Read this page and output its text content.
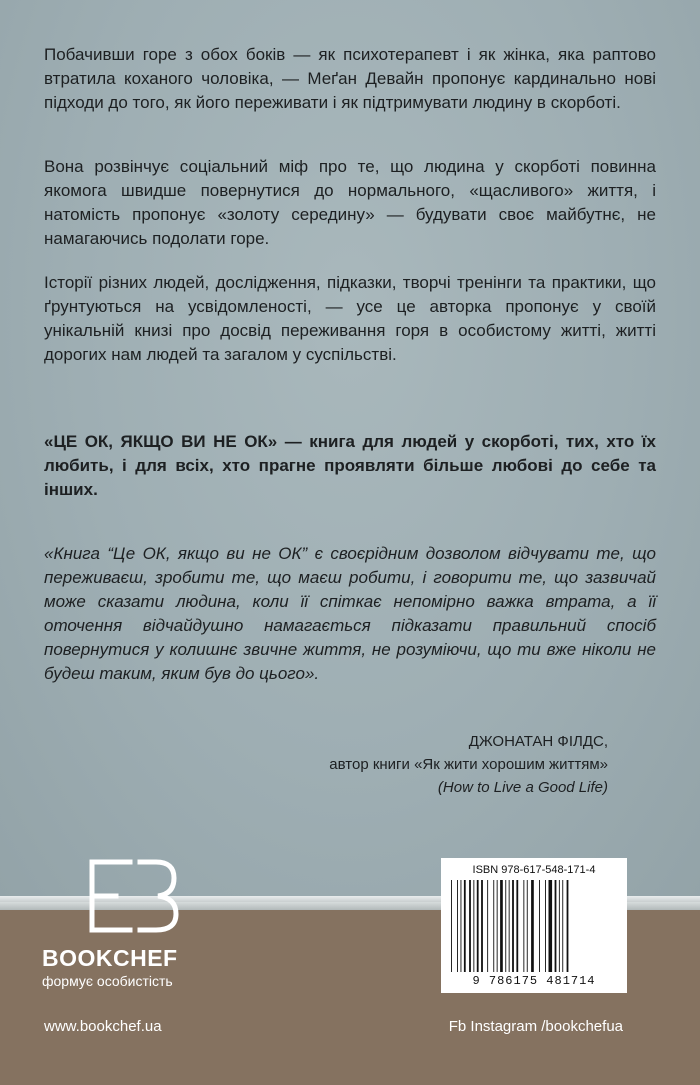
Побачивши горе з обох боків — як психотерапевт і як жінка, яка раптово втратила коханого чоловіка, — Меґан Девайн пропонує кардинально нові підходи до того, як його переживати і як підтримувати людину в скорботі.

Вона розвінчує соціальний міф про те, що людина у скорботі повинна якомога швидше повернутися до нормального, «щасливого» життя, і натомість пропонує «золоту середину» — будувати своє майбутнє, не намагаючись подолати горе.

Історії різних людей, дослідження, підказки, творчі тренінги та практики, що ґрунтуються на усвідомленості, — усе це авторка пропонує у своїй унікальній книзі про досвід переживання горя в особистому житті, житті дорогих нам людей та загалом у суспільстві.

«ЦЕ ОК, ЯКЩО ВИ НЕ ОК» — книга для людей у скорботі, тих, хто їх любить, і для всіх, хто прагне проявляти більше любові до себе та інших.

«Книга “Це ОК, якщо ви не ОК” є своєрідним дозволом відчувати те, що переживаєш, зробити те, що маєш робити, і говорити те, що зазвичай може сказати людина, коли її спіткає непомірно важка втрата, а її оточення відчайдушно намагається підказати правильний спосіб повернутися у колишнє звичне життя, не розуміючи, що ти вже ніколи не будеш таким, яким був до цього».

ДЖОНАТАН ФІЛДС,
автор книги «Як жити хорошим життям»
(How to Live a Good Life)
BOOKCHEF
формує особистість
www.bookchef.ua	Fb Instagram /bookchefua
ISBN 978-617-548-171-4
9 786175 481714
